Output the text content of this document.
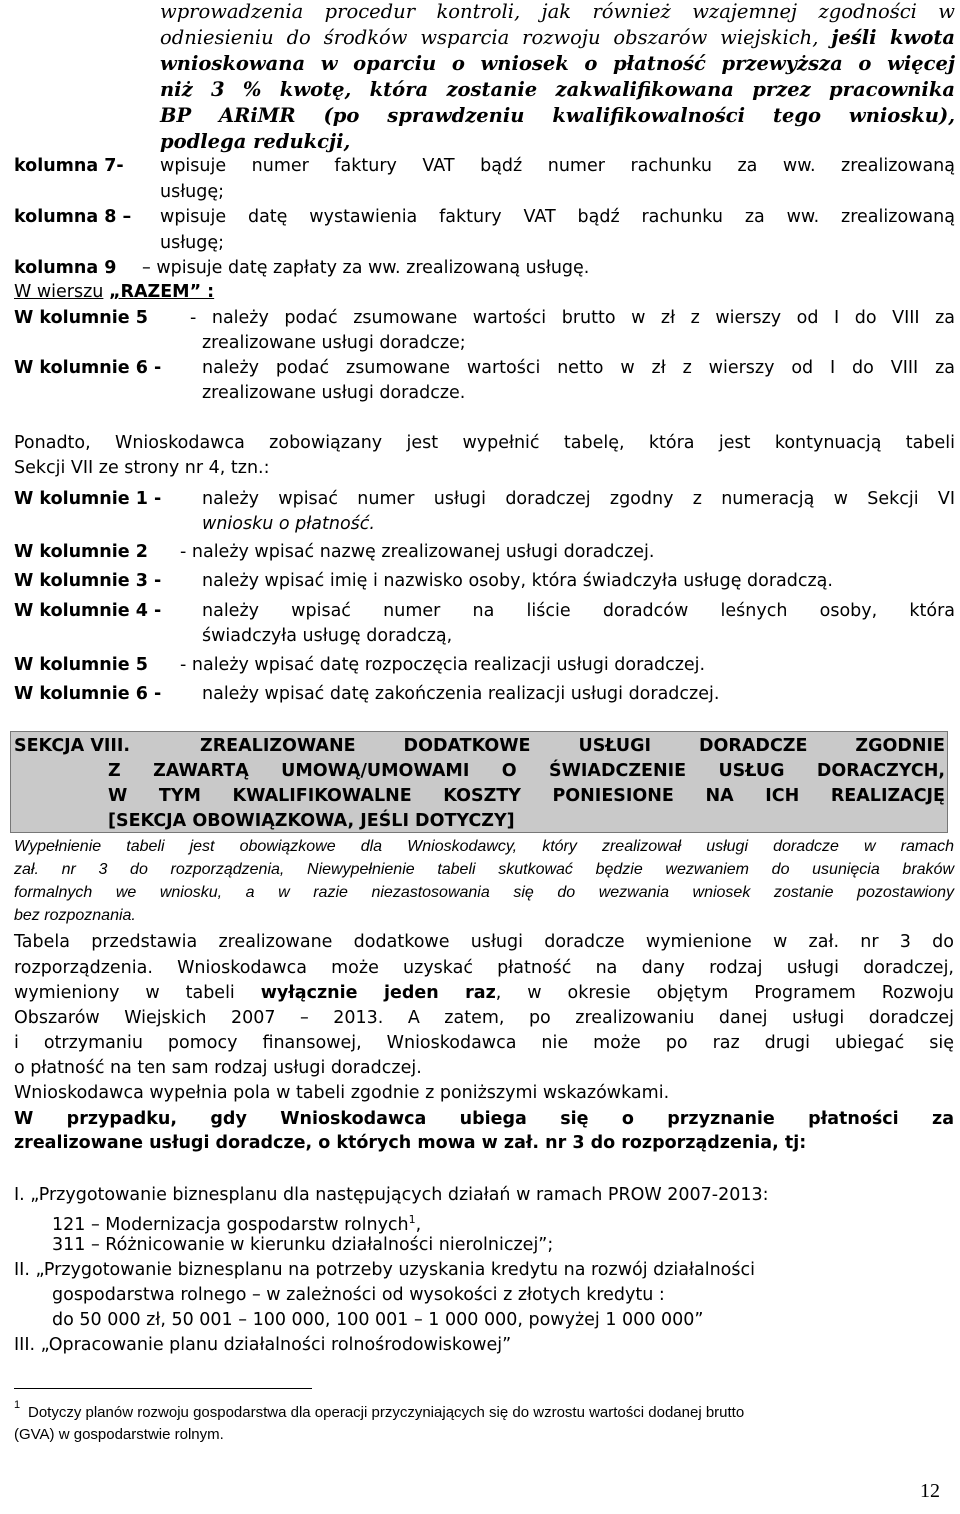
wprowadzenia procedur kontroli, jak również wzajemnej zgodności w
odniesieniu do środków wsparcia rozwoju obszarów wiejskich, jeśli kwota
wnioskowana w oparciu o wniosek o płatność przewyższa o więcej
niż 3 % kwotę, która zostanie zakwalifikowana przez pracownika
BP ARiMR (po sprawdzeniu kwalifikowalności tego wniosku),
podlega redukcji,
kolumna 7- wpisuje numer faktury VAT bądź numer rachunku za ww. zrealizowaną
usługę;
kolumna 8 – wpisuje datę wystawienia faktury VAT bądź rachunku za ww. zrealizowaną
usługę;
kolumna 9 – wpisuje datę zapłaty za ww. zrealizowaną usługę.
W wierszu „RAZEM” :
W kolumnie 5 - należy podać zsumowane wartości brutto w zł z wierszy od I do VIII za
zrealizowane usługi doradcze;
W kolumnie 6 - należy podać zsumowane wartości netto w zł z wierszy od I do VIII za
zrealizowane usługi doradcze.
Ponadto, Wnioskodawca zobowiązany jest wypełnić tabelę, która jest kontynuacją tabeli
Sekcji VII ze strony nr 4, tzn.:
W kolumnie 1 - należy wpisać numer usługi doradczej zgodny z numeracją w Sekcji VI
wniosku o płatność.
W kolumnie 2 - należy wpisać nazwę zrealizowanej usługi doradczej.
W kolumnie 3 - należy wpisać imię i nazwisko osoby, która świadczyła usługę doradczą.
W kolumnie 4 - należy wpisać numer na liście doradców leśnych osoby, która
świadczyła usługę doradczą,
W kolumnie 5 - należy wpisać datę rozpoczęcia realizacji usługi doradczej.
W kolumnie 6 - należy wpisać datę zakończenia realizacji usługi doradczej.
SEKCJA VIII.	ZREALIZOWANE DODATKOWE USŁUGI DORADCZE ZGODNIE
Z ZAWARTĄ UMOWĄ/UMOWAMI O ŚWIADCZENIE USŁUG DORACZYCH,
W TYM KWALIFIKOWALNE KOSZTY PONIESIONE NA ICH REALIZACJĘ
[SEKCJA OBOWIĄZKOWA, JEŚLI DOTYCZY]
Wypełnienie tabeli jest obowiązkowe dla Wnioskodawcy, który zrealizował usługi doradcze w ramach
zał. nr 3 do rozporządzenia, Niewypełnienie tabeli skutkować będzie wezwaniem do usunięcia braków
formalnych we wniosku, a w razie niezastosowania się do wezwania wniosek zostanie pozostawiony
bez rozpoznania.
Tabela przedstawia zrealizowane dodatkowe usługi doradcze wymienione w zał. nr 3 do
rozporządzenia. Wnioskodawca może uzyskać płatność na dany rodzaj usługi doradczej,
wymieniony w tabeli wyłącznie jeden raz, w okresie objętym Programem Rozwoju
Obszarów Wiejskich 2007 – 2013. A zatem, po zrealizowaniu danej usługi doradczej
i otrzymaniu pomocy finansowej, Wnioskodawca nie może po raz drugi ubiegać się
o płatność na ten sam rodzaj usługi doradczej.
Wnioskodawca wypełnia pola w tabeli zgodnie z poniższymi wskazówkami.
W przypadku, gdy Wnioskodawca ubiega się o przyznanie płatności za
zrealizowane usługi doradcze, o których mowa w zał. nr 3 do rozporządzenia, tj:
I. „Przygotowanie biznesplanu dla następujących działań w ramach PROW 2007-2013:
121 – Modernizacja gospodarstw rolnych$^1$,
311 – Różnicowanie w kierunku działalności nierolniczej”;
II. „Przygotowanie biznesplanu na potrzeby uzyskania kredytu na rozwój działalności
gospodarstwa rolnego – w zależności od wysokości z złotych kredytu :
do 50 000 zł, 50 001 – 100 000, 100 001 – 1 000 000, powyżej 1 000 000”
III. „Opracowanie planu działalności rolnośrodowiskowej”
1 Dotyczy planów rozwoju gospodarstwa dla operacji przyczyniających się do wzrostu wartości dodanej brutto
(GVA) w gospodarstwie rolnym.
12
